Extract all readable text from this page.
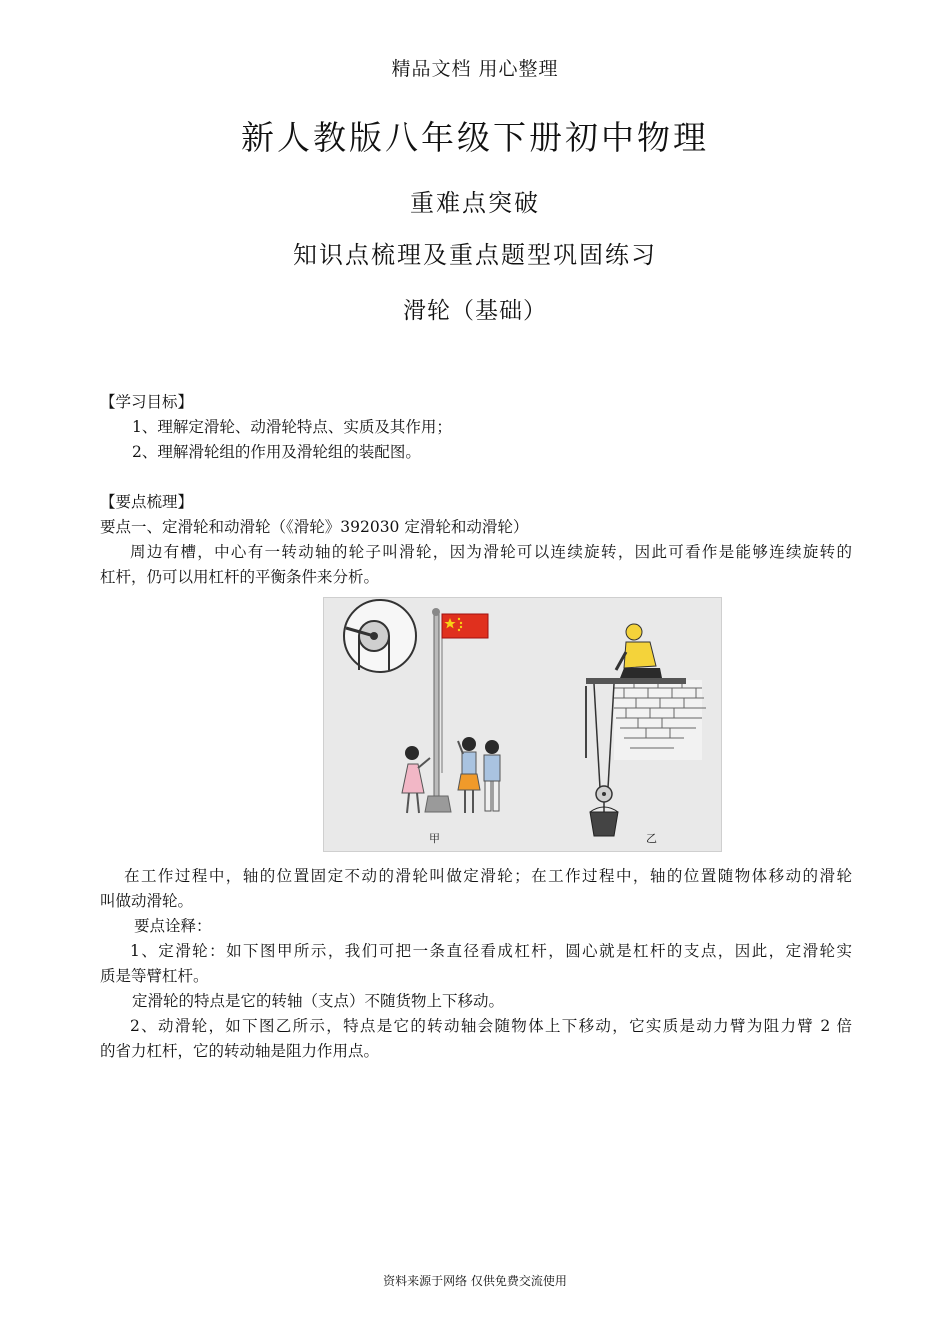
精品文档 用心整理
新人教版八年级下册初中物理
重难点突破
知识点梳理及重点题型巩固练习
滑轮（基础）
【学习目标】
1、理解定滑轮、动滑轮特点、实质及其作用；
2、理解滑轮组的作用及滑轮组的装配图。
【要点梳理】
要点一、定滑轮和动滑轮（《滑轮》392030 定滑轮和动滑轮）
周边有槽，中心有一转动轴的轮子叫滑轮，因为滑轮可以连续旋转，因此可看作是能够连续旋转的
杠杆，仍可以用杠杆的平衡条件来分析。
甲	乙
在工作过程中，轴的位置固定不动的滑轮叫做定滑轮；在工作过程中，轴的位置随物体移动的滑轮
叫做动滑轮。
要点诠释：
1、定滑轮：如下图甲所示，我们可把一条直径看成杠杆，圆心就是杠杆的支点，因此，定滑轮实
质是等臂杠杆。
定滑轮的特点是它的转轴（支点）不随货物上下移动。
2、动滑轮，如下图乙所示，特点是它的转动轴会随物体上下移动，它实质是动力臂为阻力臂 2 倍
的省力杠杆，它的转动轴是阻力作用点。
资料来源于网络 仅供免费交流使用
